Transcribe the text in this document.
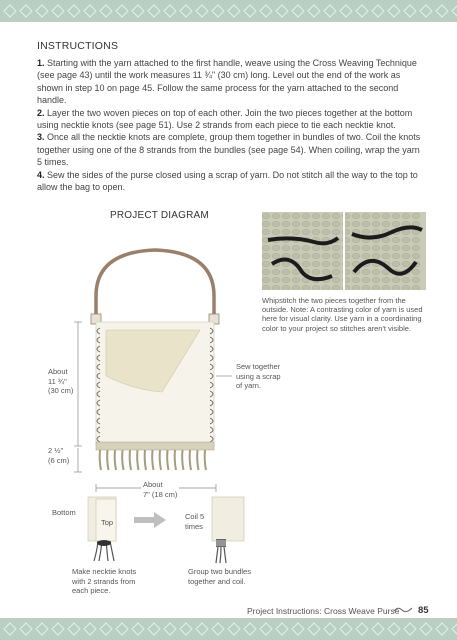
INSTRUCTIONS

1. Starting with the yarn attached to the first handle, weave using the Cross Weaving Technique (see page 43) until the work measures 11 ¾" (30 cm) long. Level out the end of the work as shown in step 10 on page 45. Follow the same process for the yarn attached to the second handle.

2. Layer the two woven pieces on top of each other. Join the two pieces together at the bottom using necktie knots (see page 51). Use 2 strands from each piece to tie each necktie knot.

3. Once all the necktie knots are complete, group them together in bundles of two. Coil the knots together using one of the 8 strands from the bundles (see page 54). When coiling, wrap the yarn 5 times.

4. Sew the sides of the purse closed using a scrap of yarn. Do not stitch all the way to the top to allow the bag to open.

PROJECT DIAGRAM
About
11 ¾"
(30 cm)
2 ½"
(6 cm)
Sew together
using a scrap
of yarn.
About
7" (18 cm)
Bottom
Top
Coil 5
times
Make necktie knots
with 2 strands from
each piece.
Group two bundles
together and coil.
Whipstitch the two pieces together from the outside. Note: A contrasting color of yarn is used here for visual clarity. Use yarn in a coordinating color to your project so stitches aren't visible.
Project Instructions: Cross Weave Purse 85
